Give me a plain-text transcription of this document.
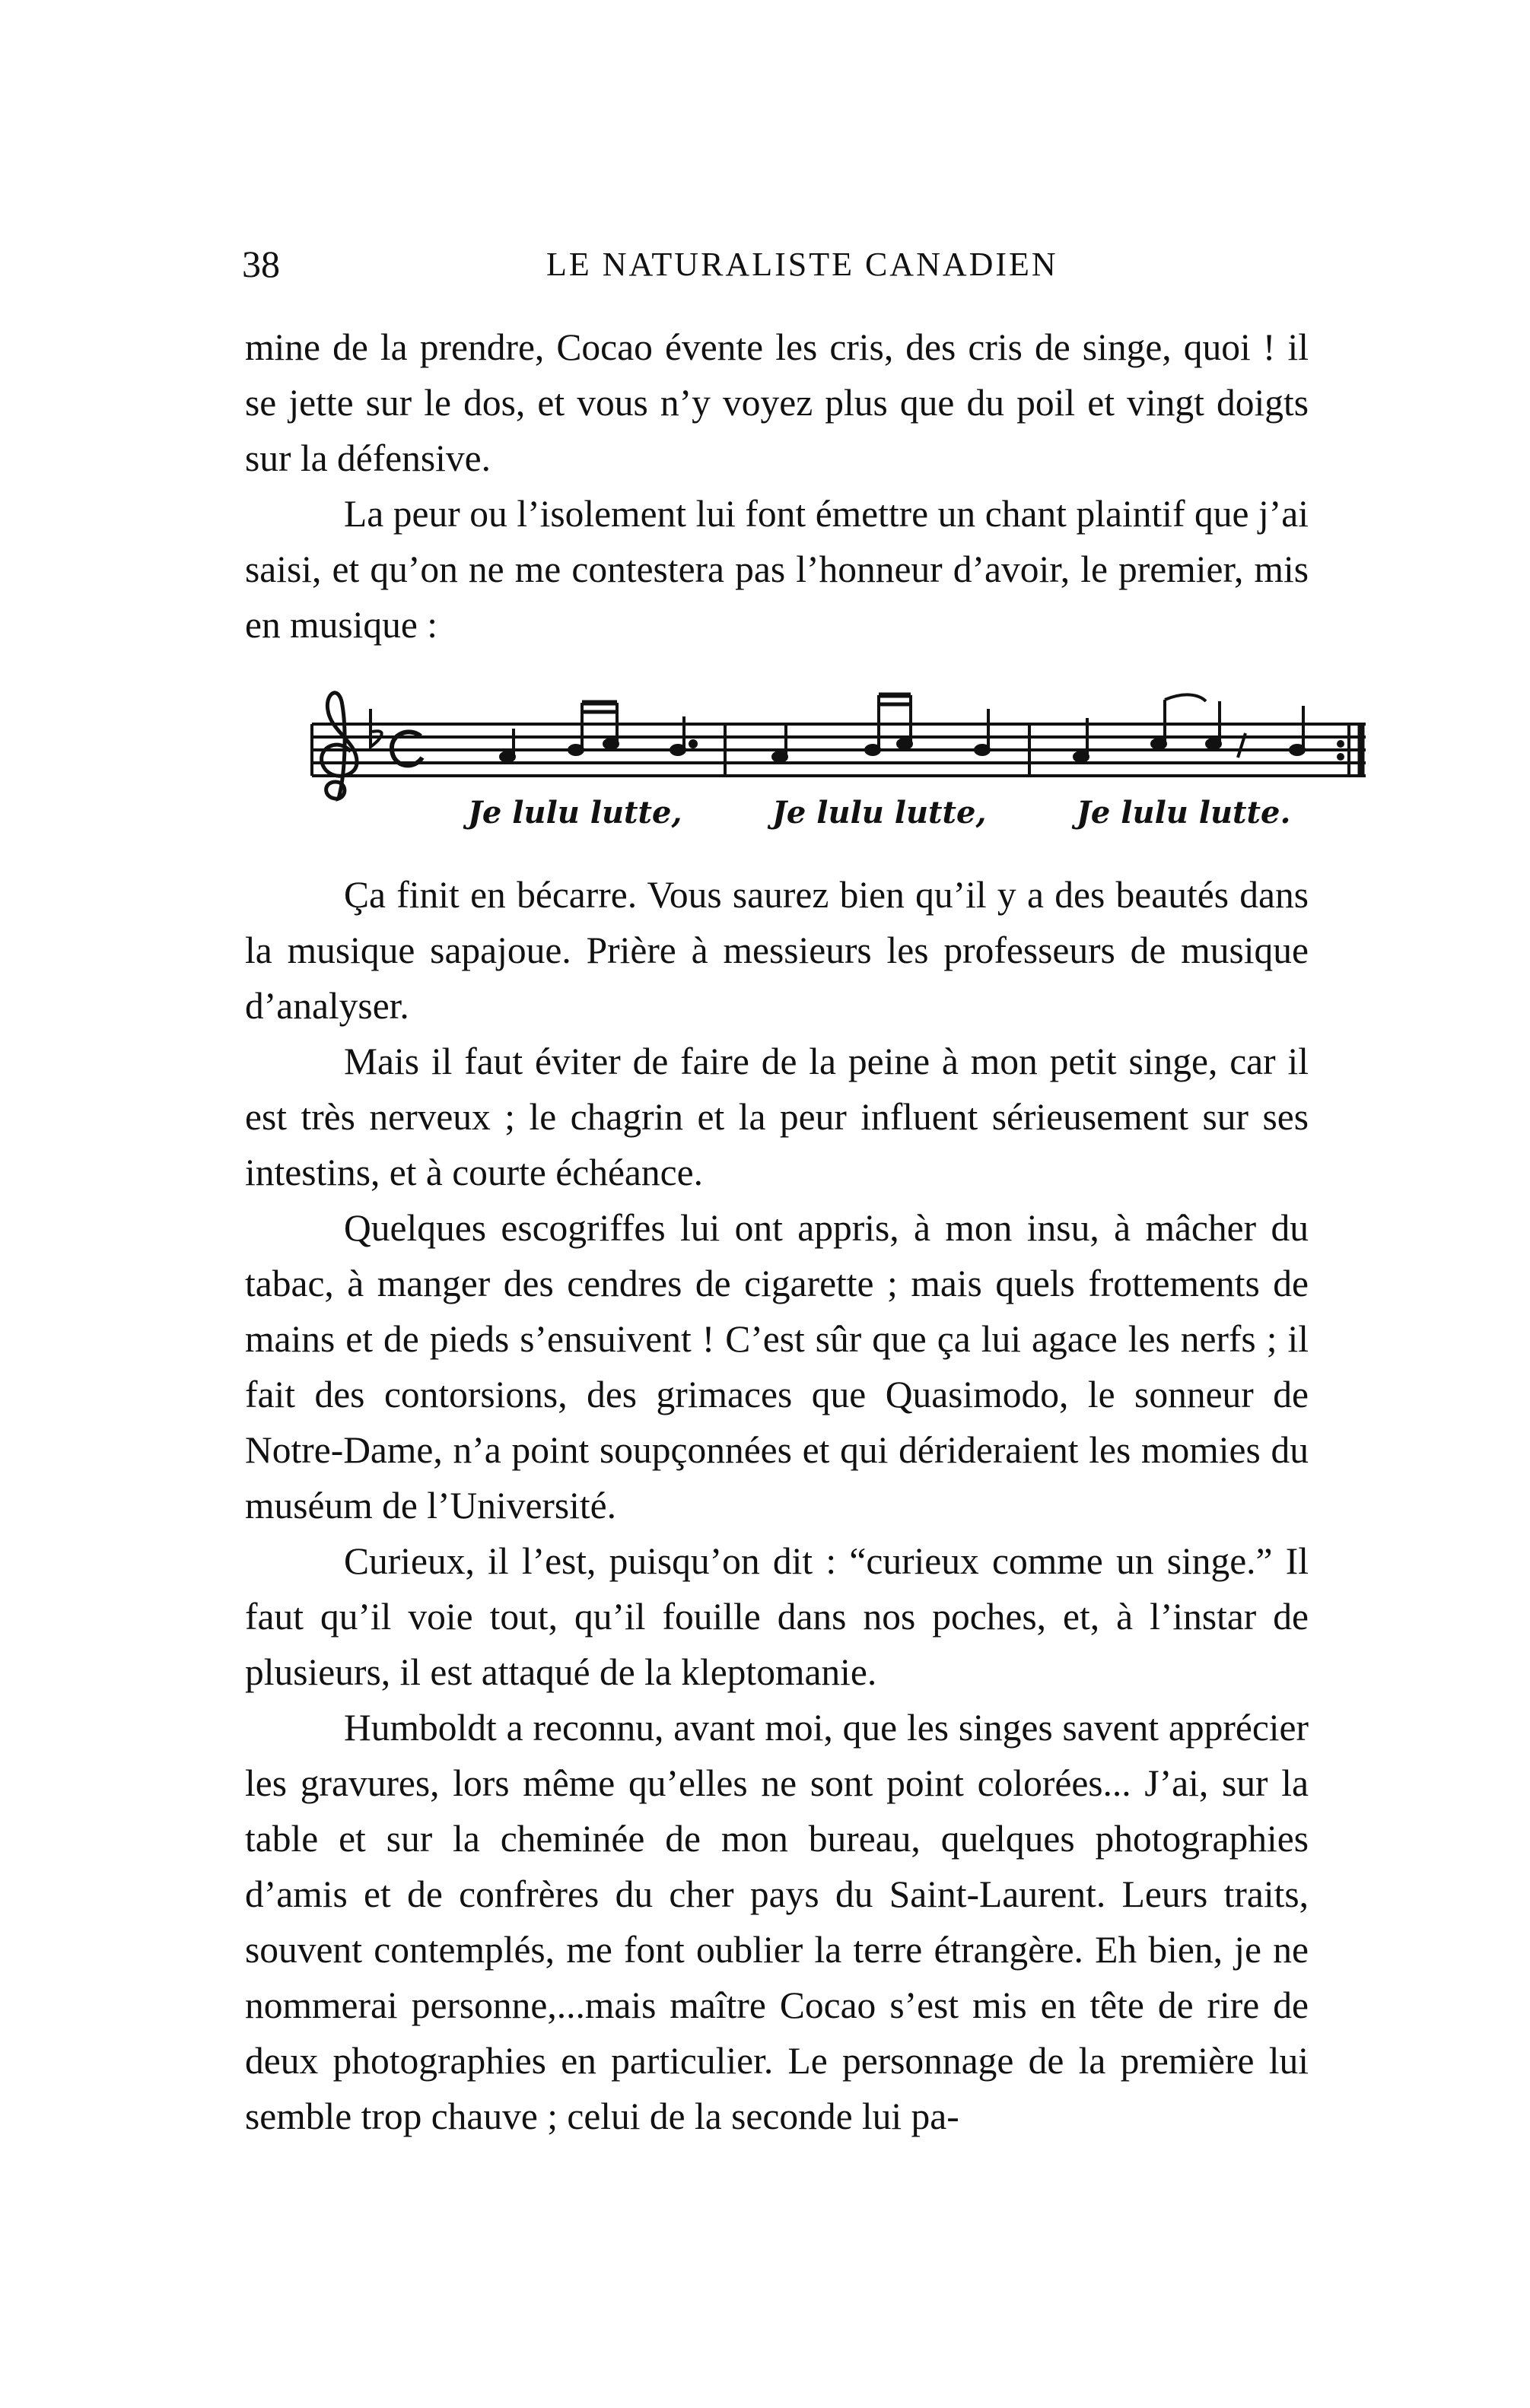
38	LE NATURALISTE CANADIEN

mine de la prendre, Cocao évente les cris, des cris de singe, quoi ! il se jette sur le dos, et vous n’y voyez plus que du poil et vingt doigts sur la défensive.

La peur ou l’isolement lui font émettre un chant plaintif que j’ai saisi, et qu’on ne me contestera pas l’honneur d’avoir, le premier, mis en musique :

Je lulu lutte,	Je lulu lutte,	Je lulu lutte.

Ça finit en bécarre. Vous saurez bien qu’il y a des beautés dans la musique sapajoue. Prière à messieurs les professeurs de musique d’analyser.

Mais il faut éviter de faire de la peine à mon petit singe, car il est très nerveux ; le chagrin et la peur influent sérieusement sur ses intestins, et à courte échéance.

Quelques escogriffes lui ont appris, à mon insu, à mâcher du tabac, à manger des cendres de cigarette ; mais quels frottements de mains et de pieds s’ensuivent ! C’est sûr que ça lui agace les nerfs ; il fait des contorsions, des grimaces que Quasimodo, le sonneur de Notre-Dame, n’a point soupçonnées et qui dérideraient les momies du muséum de l’Université.

Curieux, il l’est, puisqu’on dit : “curieux comme un singe.” Il faut qu’il voie tout, qu’il fouille dans nos poches, et, à l’instar de plusieurs, il est attaqué de la kleptomanie.

Humboldt a reconnu, avant moi, que les singes savent apprécier les gravures, lors même qu’elles ne sont point colorées... J’ai, sur la table et sur la cheminée de mon bureau, quelques photographies d’amis et de confrères du cher pays du Saint-Laurent. Leurs traits, souvent contemplés, me font oublier la terre étrangère. Eh bien, je ne nommerai personne,...mais maître Cocao s’est mis en tête de rire de deux photographies en particulier. Le personnage de la première lui semble trop chauve ; celui de la seconde lui pa-
